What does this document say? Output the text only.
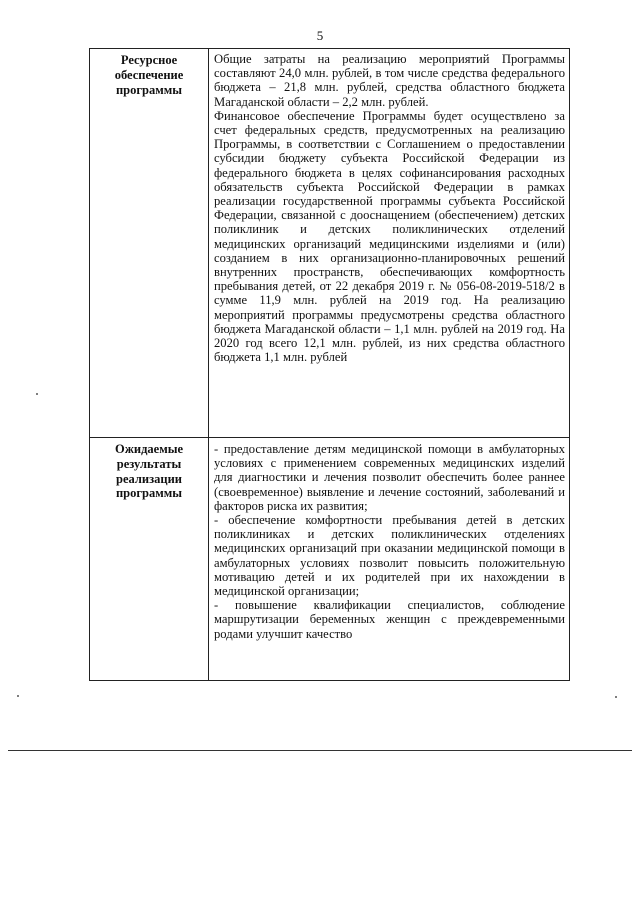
5
Ресурсное обеспечение программы	Общие затраты на реализацию мероприятий Программы составляют 24,0 млн. рублей, в том числе средства федерального бюджета – 21,8 млн. рублей, средства областного бюджета Магаданской области – 2,2 млн. рублей.

Финансовое обеспечение Программы будет осуществлено за счет федеральных средств, предусмотренных на реализацию Программы, в соответствии с Соглашением о предоставлении субсидии бюджету субъекта Российской Федерации из федерального бюджета в целях софинансирования расходных обязательств субъекта Российской Федерации в рамках реализации государственной программы субъекта Российской Федерации, связанной с дооснащением (обеспечением) детских поликлиник и детских поликлинических отделений медицинских организаций медицинскими изделиями и (или) созданием в них организационно-планировочных решений внутренних пространств, обеспечивающих комфортность пребывания детей, от 22 декабря 2019 г. № 056-08-2019-518/2 в сумме 11,9 млн. рублей на 2019 год. На реализацию мероприятий программы предусмотрены средства областного бюджета Магаданской области – 1,1 млн. рублей на 2019 год. На 2020 год всего 12,1 млн. рублей, из них средства областного бюджета 1,1 млн. рублей

Ожидаемые результаты реализации программы	- предоставление детям медицинской помощи в амбулаторных условиях с применением современных медицинских изделий для диагностики и лечения позволит обеспечить более раннее (своевременное) выявление и лечение состояний, заболеваний и факторов риска их развития;

- обеспечение комфортности пребывания детей в детских поликлиниках и детских поликлинических отделениях медицинских организаций при оказании медицинской помощи в амбулаторных условиях позволит повысить положительную мотивацию детей и их родителей при их нахождении в медицинской организации;

- повышение квалификации специалистов, соблюдение маршрутизации беременных женщин с преждевременными родами улучшит качество
